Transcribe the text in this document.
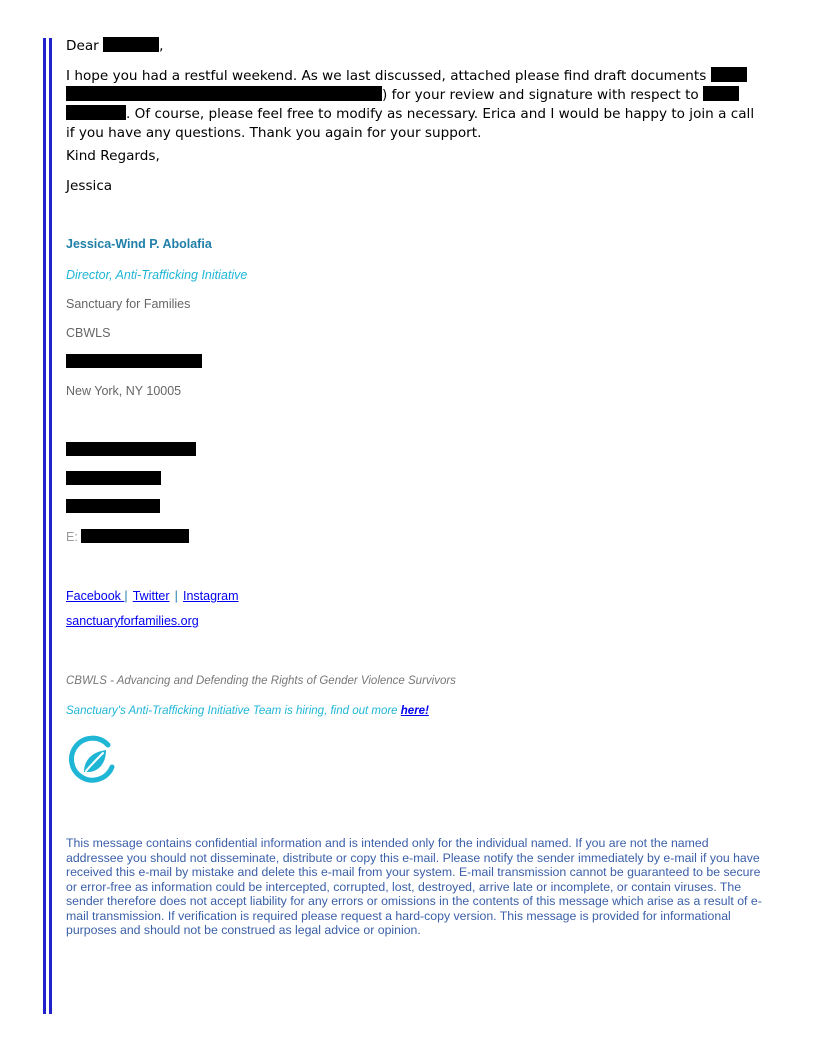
Dear	,
I hope you had a restful weekend. As we last discussed, attached please find draft documents
) for your review and signature with respect to
. Of course, please feel free to modify as necessary. Erica and I would be happy to join a call if you have any questions. Thank you again for your support.
Kind Regards,
Jessica
Jessica-Wind P. Abolafia
Director, Anti-Trafficking Initiative
Sanctuary for Families
CBWLS
New York, NY 10005
E:
Facebook | Twitter | Instagram
sanctuaryforfamilies.org
CBWLS - Advancing and Defending the Rights of Gender Violence Survivors
Sanctuary's Anti-Trafficking Initiative Team is hiring, find out more here!
This message contains confidential information and is intended only for the individual named. If you are not the named addressee you should not disseminate, distribute or copy this e-mail. Please notify the sender immediately by e-mail if you have received this e-mail by mistake and delete this e-mail from your system. E-mail transmission cannot be guaranteed to be secure or error-free as information could be intercepted, corrupted, lost, destroyed, arrive late or incomplete, or contain viruses. The sender therefore does not accept liability for any errors or omissions in the contents of this message which arise as a result of e-mail transmission. If verification is required please request a hard-copy version. This message is provided for informational purposes and should not be construed as legal advice or opinion.
